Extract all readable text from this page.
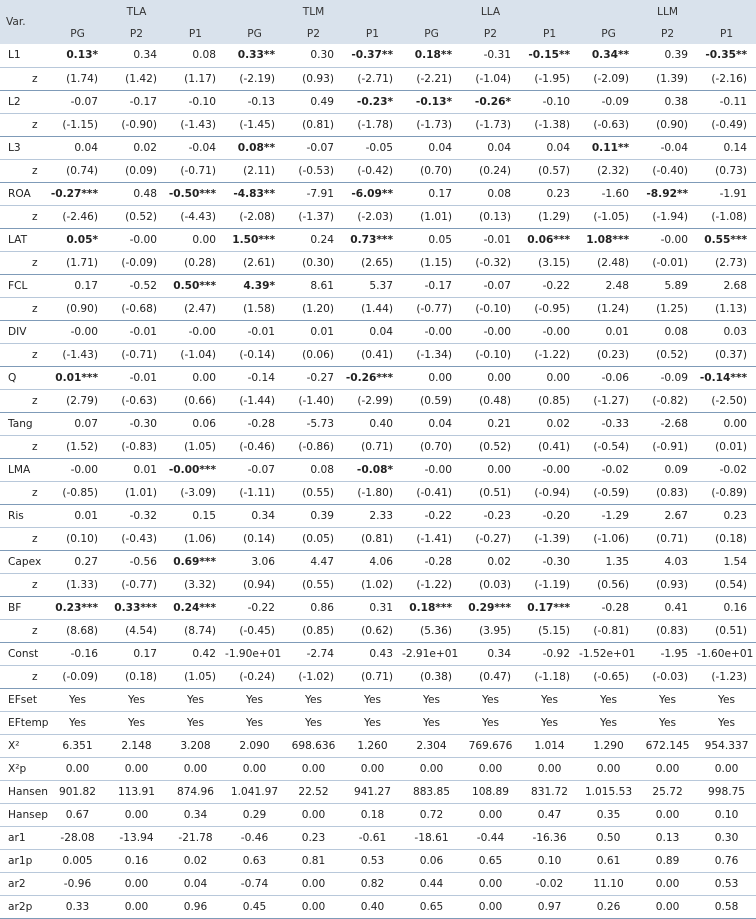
Var.	TLA			TLM			LLA			LLM		
	PG	P2	P1	PG	P2	P1	PG	P2	P1	PG	P2	P1
L1	0.13*	0.34	0.08	0.33**	0.30	-0.37**	0.18**	-0.31	-0.15**	0.34**	0.39	-0.35**
z	(1.74)	(1.42)	(1.17)	(-2.19)	(0.93)	(-2.71)	(-2.21)	(-1.04)	(-1.95)	(-2.09)	(1.39)	(-2.16)
L2	-0.07	-0.17	-0.10	-0.13	0.49	-0.23*	-0.13*	-0.26*	-0.10	-0.09	0.38	-0.11
z	(-1.15)	(-0.90)	(-1.43)	(-1.45)	(0.81)	(-1.78)	(-1.73)	(-1.73)	(-1.38)	(-0.63)	(0.90)	(-0.49)
L3	0.04	0.02	-0.04	0.08**	-0.07	-0.05	0.04	0.04	0.04	0.11**	-0.04	0.14
z	(0.74)	(0.09)	(-0.71)	(2.11)	(-0.53)	(-0.42)	(0.70)	(0.24)	(0.57)	(2.32)	(-0.40)	(0.73)
ROA	-0.27***	0.48	-0.50***	-4.83**	-7.91	-6.09**	0.17	0.08	0.23	-1.60	-8.92**	-1.91
z	(-2.46)	(0.52)	(-4.43)	(-2.08)	(-1.37)	(-2.03)	(1.01)	(0.13)	(1.29)	(-1.05)	(-1.94)	(-1.08)
LAT	0.05*	-0.00	0.00	1.50***	0.24	0.73***	0.05	-0.01	0.06***	1.08***	-0.00	0.55***
z	(1.71)	(-0.09)	(0.28)	(2.61)	(0.30)	(2.65)	(1.15)	(-0.32)	(3.15)	(2.48)	(-0.01)	(2.73)
FCL	0.17	-0.52	0.50***	4.39*	8.61	5.37	-0.17	-0.07	-0.22	2.48	5.89	2.68
z	(0.90)	(-0.68)	(2.47)	(1.58)	(1.20)	(1.44)	(-0.77)	(-0.10)	(-0.95)	(1.24)	(1.25)	(1.13)
DIV	-0.00	-0.01	-0.00	-0.01	0.01	0.04	-0.00	-0.00	-0.00	0.01	0.08	0.03
z	(-1.43)	(-0.71)	(-1.04)	(-0.14)	(0.06)	(0.41)	(-1.34)	(-0.10)	(-1.22)	(0.23)	(0.52)	(0.37)
Q	0.01***	-0.01	0.00	-0.14	-0.27	-0.26***	0.00	0.00	0.00	-0.06	-0.09	-0.14***
z	(2.79)	(-0.63)	(0.66)	(-1.44)	(-1.40)	(-2.99)	(0.59)	(0.48)	(0.85)	(-1.27)	(-0.82)	(-2.50)
Tang	0.07	-0.30	0.06	-0.28	-5.73	0.40	0.04	0.21	0.02	-0.33	-2.68	0.00
z	(1.52)	(-0.83)	(1.05)	(-0.46)	(-0.86)	(0.71)	(0.70)	(0.52)	(0.41)	(-0.54)	(-0.91)	(0.01)
LMA	-0.00	0.01	-0.00***	-0.07	0.08	-0.08*	-0.00	0.00	-0.00	-0.02	0.09	-0.02
z	(-0.85)	(1.01)	(-3.09)	(-1.11)	(0.55)	(-1.80)	(-0.41)	(0.51)	(-0.94)	(-0.59)	(0.83)	(-0.89)
Ris	0.01	-0.32	0.15	0.34	0.39	2.33	-0.22	-0.23	-0.20	-1.29	2.67	0.23
z	(0.10)	(-0.43)	(1.06)	(0.14)	(0.05)	(0.81)	(-1.41)	(-0.27)	(-1.39)	(-1.06)	(0.71)	(0.18)
Capex	0.27	-0.56	0.69***	3.06	4.47	4.06	-0.28	0.02	-0.30	1.35	4.03	1.54
z	(1.33)	(-0.77)	(3.32)	(0.94)	(0.55)	(1.02)	(-1.22)	(0.03)	(-1.19)	(0.56)	(0.93)	(0.54)
BF	0.23***	0.33***	0.24***	-0.22	0.86	0.31	0.18***	0.29***	0.17***	-0.28	0.41	0.16
z	(8.68)	(4.54)	(8.74)	(-0.45)	(0.85)	(0.62)	(5.36)	(3.95)	(5.15)	(-0.81)	(0.83)	(0.51)
Const	-0.16	0.17	0.42	-1.90e+01	-2.74	0.43	-2.91e+01	0.34	-0.92	-1.52e+01	-1.95	-1.60e+01
z	(-0.09)	(0.18)	(1.05)	(-0.24)	(-1.02)	(0.71)	(0.38)	(0.47)	(-1.18)	(-0.65)	(-0.03)	(-1.23)
EFset	Yes	Yes	Yes	Yes	Yes	Yes	Yes	Yes	Yes	Yes	Yes	Yes
EFtemp	Yes	Yes	Yes	Yes	Yes	Yes	Yes	Yes	Yes	Yes	Yes	Yes
X²	6.351	2.148	3.208	2.090	698.636	1.260	2.304	769.676	1.014	1.290	672.145	954.337
X²p	0.00	0.00	0.00	0.00	0.00	0.00	0.00	0.00	0.00	0.00	0.00	0.00
Hansen	901.82	113.91	874.96	1.041.97	22.52	941.27	883.85	108.89	831.72	1.015.53	25.72	998.75
Hansep	0.67	0.00	0.34	0.29	0.00	0.18	0.72	0.00	0.47	0.35	0.00	0.10
ar1	-28.08	-13.94	-21.78	-0.46	0.23	-0.61	-18.61	-0.44	-16.36	0.50	0.13	0.30
ar1p	0.005	0.16	0.02	0.63	0.81	0.53	0.06	0.65	0.10	0.61	0.89	0.76
ar2	-0.96	0.00	0.04	-0.74	0.00	0.82	0.44	0.00	-0.02	11.10	0.00	0.53
ar2p	0.33	0.00	0.96	0.45	0.00	0.40	0.65	0.00	0.97	0.26	0.00	0.58
